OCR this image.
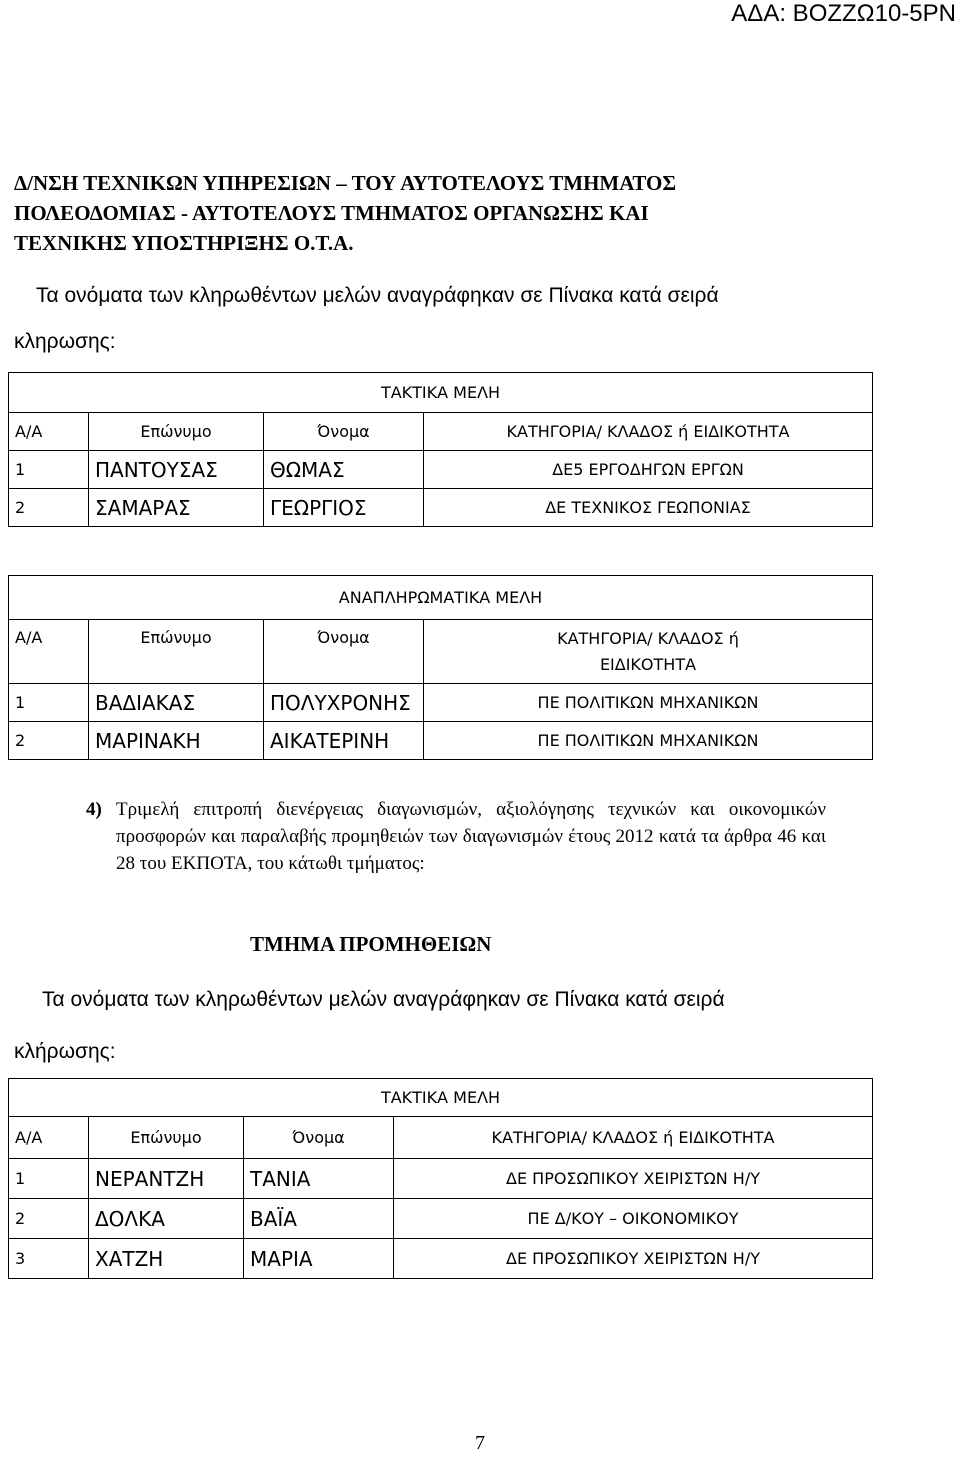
ΑΔΑ: ΒΟΖΖΩ10-5ΡΝ
Δ/ΝΣΗ ΤΕΧΝΙΚΩΝ ΥΠΗΡΕΣΙΩΝ – ΤΟΥ ΑΥΤΟΤΕΛΟΥΣ ΤΜΗΜΑΤΟΣ
ΠΟΛΕΟΔΟΜΙΑΣ - ΑΥΤΟΤΕΛΟΥΣ ΤΜΗΜΑΤΟΣ ΟΡΓΑΝΩΣΗΣ ΚΑΙ
ΤΕΧΝΙΚΗΣ ΥΠΟΣΤΗΡΙΞΗΣ Ο.Τ.Α.
Τα ονόματα των κληρωθέντων μελών αναγράφηκαν σε Πίνακα κατά σειρά
κληρωσης:
ΤΑΚΤΙΚΑ ΜΕΛΗ			
Α/Α	Επώνυμο	Όνομα	ΚΑΤΗΓΟΡΙΑ/ ΚΛΑΔΟΣ ή ΕΙΔΙΚΟΤΗΤΑ
1	ΠΑΝΤΟΥΣΑΣ	ΘΩΜΑΣ	ΔΕ5 ΕΡΓΟΔΗΓΩΝ ΕΡΓΩΝ
2	ΣΑΜΑΡΑΣ	ΓΕΩΡΓΙΟΣ	ΔΕ ΤΕΧΝΙΚΟΣ ΓΕΩΠΟΝΙΑΣ
ΑΝΑΠΛΗΡΩΜΑΤΙΚΑ ΜΕΛΗ			
Α/Α	Επώνυμο	Όνομα	ΚΑΤΗΓΟΡΙΑ/ ΚΛΑΔΟΣ ή
ΕΙΔΙΚΟΤΗΤΑ

1	ΒΑΔΙΑΚΑΣ	ΠΟΛΥΧΡΟΝΗΣ	ΠΕ ΠΟΛΙΤΙΚΩΝ ΜΗΧΑΝΙΚΩΝ
2	ΜΑΡΙΝΑΚΗ	ΑΙΚΑΤΕΡΙΝΗ	ΠΕ ΠΟΛΙΤΙΚΩΝ ΜΗΧΑΝΙΚΩΝ
4) Τριμελή επιτροπή διενέργειας διαγωνισμών, αξιολόγησης τεχνικών και οικονομικών προσφορών και παραλαβής προμηθειών των διαγωνισμών έτους 2012 κατά τα άρθρα 46 και 28 του ΕΚΠΟΤΑ, του κάτωθι τμήματος:
ΤΜΗΜΑ ΠΡΟΜΗΘΕΙΩΝ
Τα ονόματα των κληρωθέντων μελών αναγράφηκαν σε Πίνακα κατά σειρά
κλήρωσης:
ΤΑΚΤΙΚΑ ΜΕΛΗ			
Α/Α	Επώνυμο	Όνομα	ΚΑΤΗΓΟΡΙΑ/ ΚΛΑΔΟΣ ή ΕΙΔΙΚΟΤΗΤΑ
1	ΝΕΡΑΝΤΖΗ	ΤΑΝΙΑ	ΔΕ ΠΡΟΣΩΠΙΚΟΥ ΧΕΙΡΙΣΤΩΝ Η/Υ
2	ΔΟΛΚΑ	ΒΑΪΑ	ΠΕ Δ/ΚΟΥ – ΟΙΚΟΝΟΜΙΚΟΥ
3	ΧΑΤΖΗ	ΜΑΡΙΑ	ΔΕ ΠΡΟΣΩΠΙΚΟΥ ΧΕΙΡΙΣΤΩΝ Η/Υ
7
